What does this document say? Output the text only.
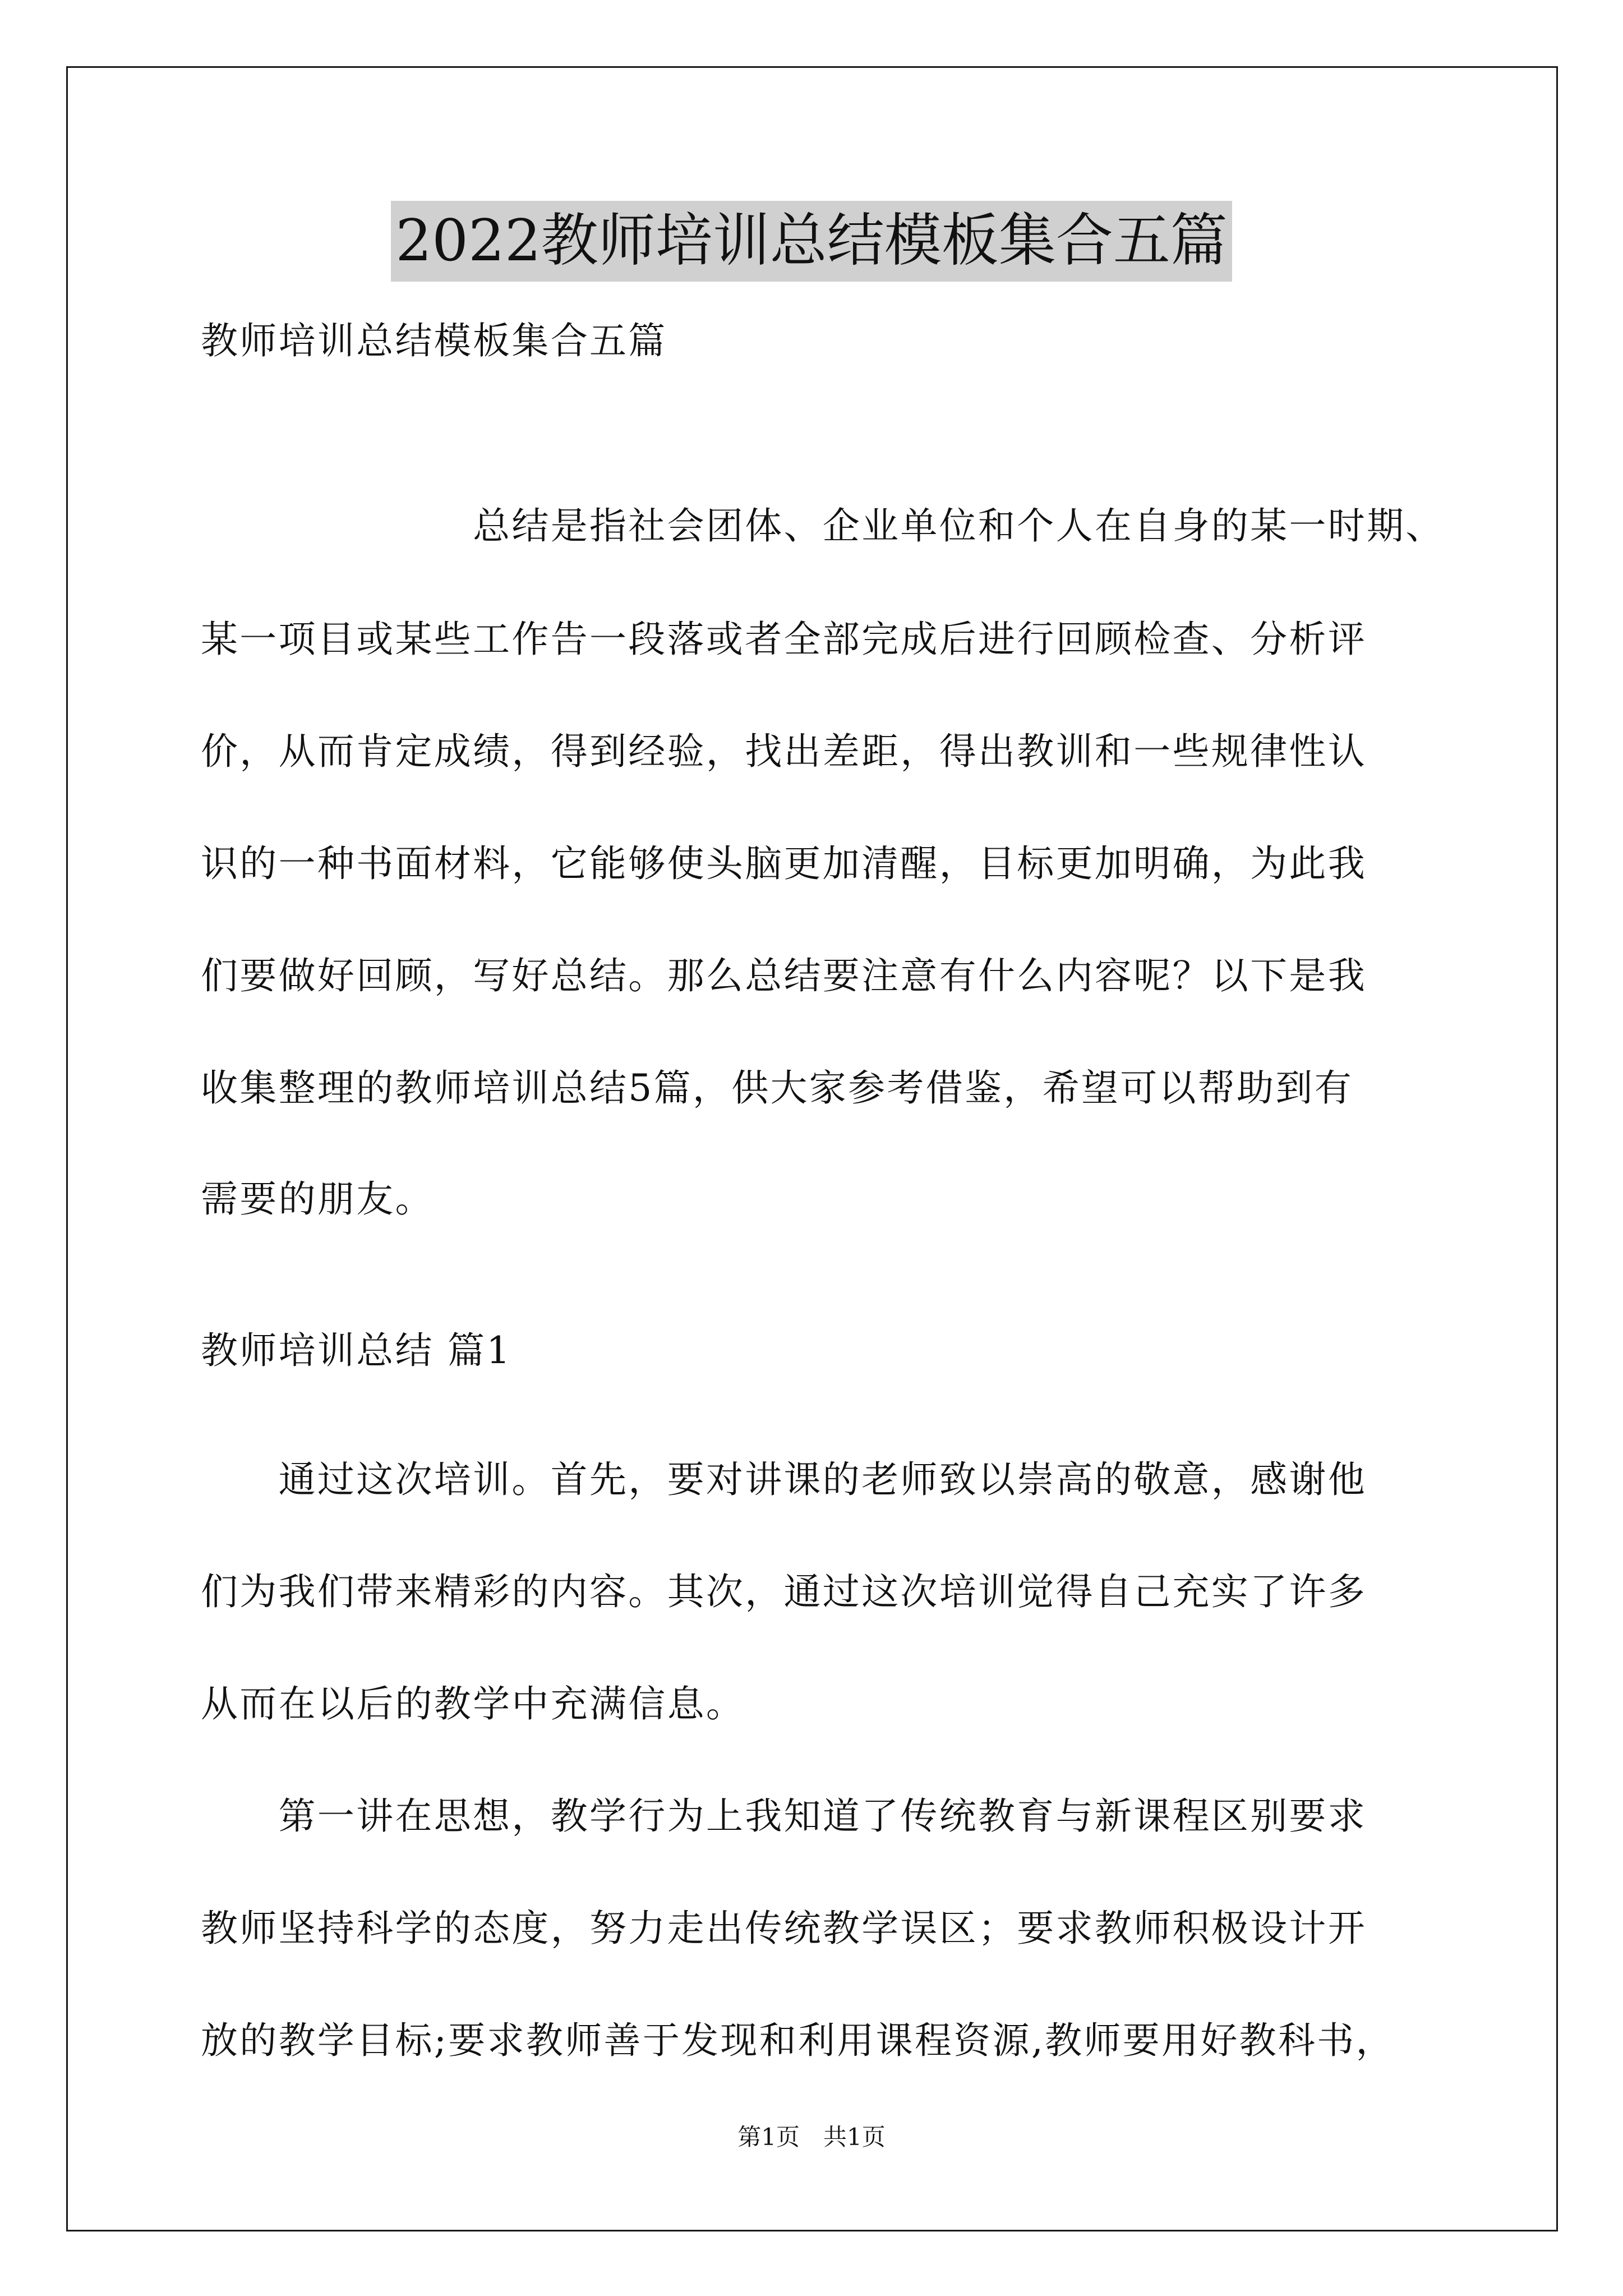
2022教师培训总结模板集合五篇
教师培训总结模板集合五篇
　　　　　　　总结是指社会团体、企业单位和个人在自身的某一时期、
某一项目或某些工作告一段落或者全部完成后进行回顾检查、分析评
价，从而肯定成绩，得到经验，找出差距，得出教训和一些规律性认
识的一种书面材料，它能够使头脑更加清醒，目标更加明确，为此我
们要做好回顾，写好总结。那么总结要注意有什么内容呢？以下是我
收集整理的教师培训总结5篇，供大家参考借鉴，希望可以帮助到有
需要的朋友。
教师培训总结 篇1
　　通过这次培训。首先，要对讲课的老师致以崇高的敬意，感谢他
们为我们带来精彩的内容。其次，通过这次培训觉得自己充实了许多
从而在以后的教学中充满信息。
　　第一讲在思想，教学行为上我知道了传统教育与新课程区别要求
教师坚持科学的态度，努力走出传统教学误区；要求教师积极设计开
放的教学目标;要求教师善于发现和利用课程资源,教师要用好教科书，
第1页　共1页
